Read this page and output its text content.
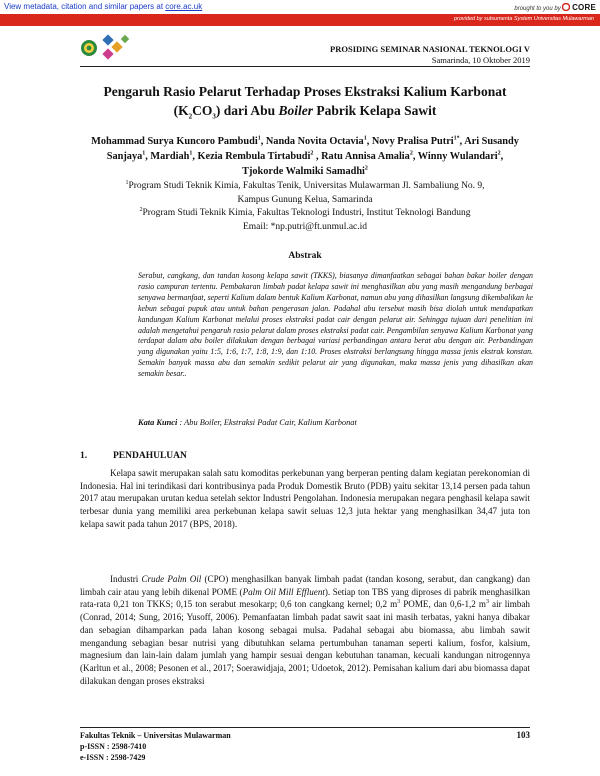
View metadata, citation and similar papers at core.ac.uk	brought to you by CORE
provided by sutsumenta System Universitas Mulawarman
PROSIDING SEMINAR NASIONAL TEKNOLOGI V
Samarinda, 10 Oktober 2019
Pengaruh Rasio Pelarut Terhadap Proses Ekstraksi Kalium Karbonat
$(K_2CO_3)$ dari Abu Boiler Pabrik Kelapa Sawit
Mohammad Surya Kuncoro Pambudi$^1$, Nanda Novita Octavia$^1$, Novy Pralisa Putri$^{1*}$, Ari Susandy Sanjaya$^1$, Mardiah$^1$, Kezia Rembula Tirtabudi$^2$ , Ratu Annisa Amalia$^2$, Winny Wulandari$^2$, Tjokorde Walmiki Samadhi$^2$
$^1$Program Studi Teknik Kimia, Fakultas Tenik, Universitas Mulawarman Jl. Sambaliung No. 9,
Kampus Gunung Kelua, Samarinda
$^2$Program Studi Teknik Kimia, Fakultas Teknologi Industri, Institut Teknologi Bandung
Email: *np.putri@ft.unmul.ac.id
Abstrak
Serabut, cangkang, dan tandan kosong kelapa sawit (TKKS), biasanya dimanfaatkan sebagai bahan bakar boiler dengan rasio campuran tertentu. Pembakaran limbah padat kelapa sawit ini menghasilkan abu yang masih mengandung berbagai senyawa bermanfaat, seperti Kalium dalam bentuk Kalium Karbonat, namun abu yang dihasilkan langsung dikembalikan ke kebun sebagai pupuk atau untuk bahan pengerasan jalan. Padahal abu tersebut masih bisa diolah untuk mendapatkan kandungan Kalium Karbonat melalui proses ekstraksi padat cair dengan pelarut air. Sehingga tujuan dari penelitian ini adalah mengetahui pengaruh rasio pelarut dalam proses ekstraksi padat cair. Pengambilan senyawa Kalium Karbonat yang terdapat dalam abu boiler dilakukan dengan berbagai variasi perbandingan antara berat abu dengan air. Perbandingan yang digunakan yaitu 1:5, 1:6, 1:7, 1:8, 1:9, dan 1:10. Proses ekstraksi berlangsung hingga massa jenis ekstrak konstan. Semakin banyak massa abu dan semakin sedikit pelarut air yang digunakan, maka massa jenis yang dihasilkan akan semakin besar..
Kata Kunci : Abu Boiler, Ekstraksi Padat Cair, Kalium Karbonat
1.	PENDAHULUAN
Kelapa sawit merupakan salah satu komoditas perkebunan yang berperan penting dalam kegiatan perekonomian di Indonesia. Hal ini terindikasi dari kontribusinya pada Produk Domestik Bruto (PDB) yaitu sekitar 13,14 persen pada tahun 2017 atau merupakan urutan kedua setelah sektor Industri Pengolahan. Indonesia merupakan negara penghasil kelapa sawit terbesar dunia yang memiliki area perkebunan kelapa sawit seluas 12,3 juta hektar yang menghasilkan 34,47 juta ton kelapa sawit pada tahun 2017 (BPS, 2018).
Industri Crude Palm Oil (CPO) menghasilkan banyak limbah padat (tandan kosong, serabut, dan cangkang) dan limbah cair atau yang lebih dikenal POME (Palm Oil Mill Effluent). Setiap ton TBS yang diproses di pabrik menghasilkan rata-rata 0,21 ton TKKS; 0,15 ton serabut mesokarp; 0,6 ton cangkang kernel; 0,2 $m^3$ POME, dan 0,6-1,2 $m^3$ air limbah (Conrad, 2014; Sung, 2016; Yusoff, 2006). Pemanfaatan limbah padat sawit saat ini masih terbatas, yakni hanya dibakar dan sebagian dihamparkan pada lahan kosong sebagai mulsa. Padahal sebagai abu biomassa, abu limbah sawit mengandung sebagian besar nutrisi yang dibutuhkan selama pertumbuhan tanaman seperti kalium, fosfor, kalsium, magnesium dan lain-lain dalam jumlah yang hampir sesuai dengan kebutuhan tanaman, kecuali kandungan nitrogennya (Karltun et al., 2008; Pesonen et al., 2017; Soerawidjaja, 2001; Udoetok, 2012). Pemisahan kalium dari abu biomassa dapat dilakukan dengan proses ekstraksi
Fakultas Teknik – Universitas Mulawarman
p-ISSN : 2598-7410
e-ISSN : 2598-7429
103
